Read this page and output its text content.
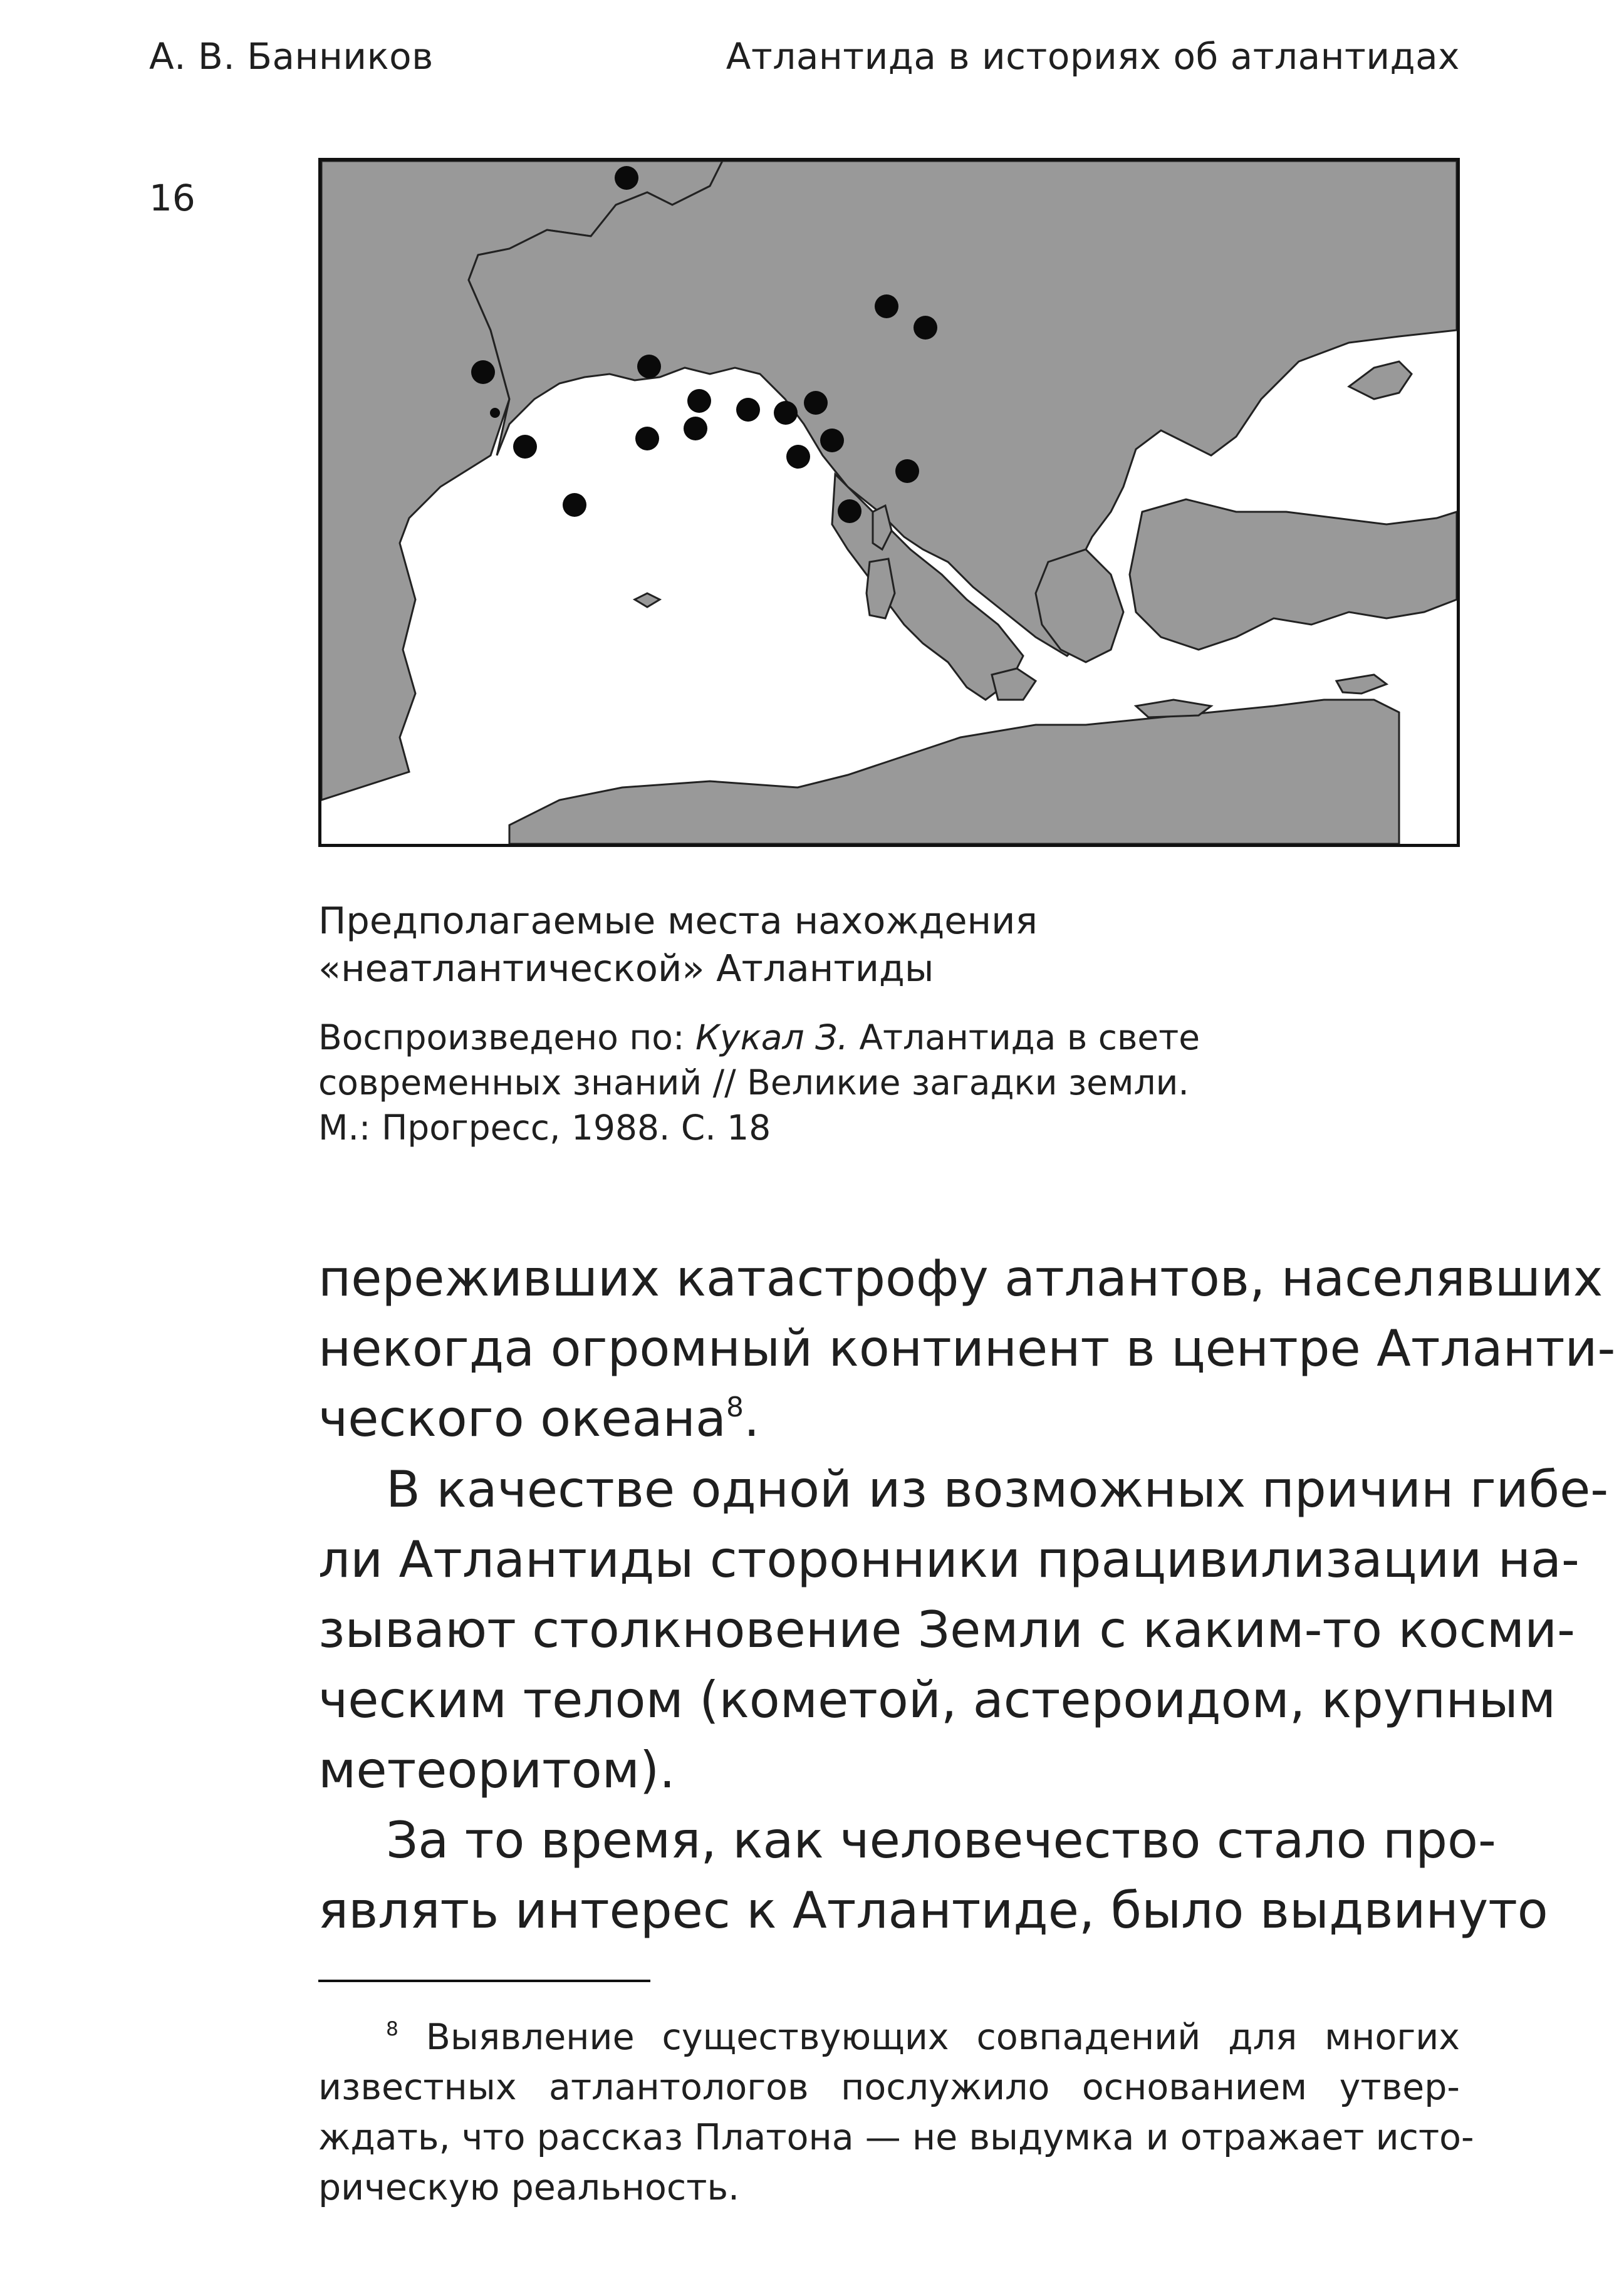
А. В. Банников	Атлантида в историях об атлантидах
16
Предполагаемые места нахождения
«неатлантической» Атлантиды
Воспроизведено по: Кукал З. Атлантида в свете
современных знаний // Великие загадки земли.
М.: Прогресс, 1988. С. 18
переживших катастрофу атлантов, населявших
некогда огромный континент в центре Атланти-
ческого океана$^8$.
В качестве одной из возможных причин гибе-
ли Атлантиды сторонники працивилизации на-
зывают столкновение Земли с каким-то косми-
ческим телом (кометой, астероидом, крупным
метеоритом).
За то время, как человечество стало про-
являть интерес к Атлантиде, было выдвинуто
$^8$ Выявление существующих совпадений для многих
известных атлантологов послужило основанием утвер-
ждать, что рассказ Платона — не выдумка и отражает исто-
рическую реальность.
